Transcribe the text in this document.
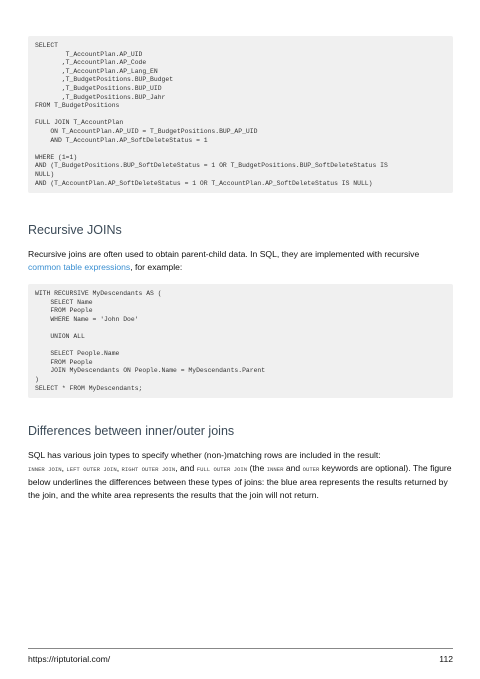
SELECT
T_AccountPlan.AP_UID
,T_AccountPlan.AP_Code
,T_AccountPlan.AP_Lang_EN
,T_BudgetPositions.BUP_Budget
,T_BudgetPositions.BUP_UID
,T_BudgetPositions.BUP_Jahr
FROM T_BudgetPositions
FULL JOIN T_AccountPlan
ON T_AccountPlan.AP_UID = T_BudgetPositions.BUP_AP_UID
AND T_AccountPlan.AP_SoftDeleteStatus = 1
WHERE (1=1)
AND (T_BudgetPositions.BUP_SoftDeleteStatus = 1 OR T_BudgetPositions.BUP_SoftDeleteStatus IS
NULL)
AND (T_AccountPlan.AP_SoftDeleteStatus = 1 OR T_AccountPlan.AP_SoftDeleteStatus IS NULL)
Recursive JOINs
Recursive joins are often used to obtain parent-child data. In SQL, they are implemented with recursive common table expressions, for example:
WITH RECURSIVE MyDescendants AS (
SELECT Name
FROM People
WHERE Name = 'John Doe'
UNION ALL
SELECT People.Name
FROM People
JOIN MyDescendants ON People.Name = MyDescendants.Parent
)
SELECT * FROM MyDescendants;
Differences between inner/outer joins
SQL has various join types to specify whether (non-)matching rows are included in the result:
INNER JOIN, LEFT OUTER JOIN, RIGHT OUTER JOIN, and FULL OUTER JOIN (the INNER and OUTER keywords are optional). The figure below underlines the differences between these types of joins: the blue area represents the results returned by the join, and the white area represents the results that the join will not return.
https://riptutorial.com/	112
